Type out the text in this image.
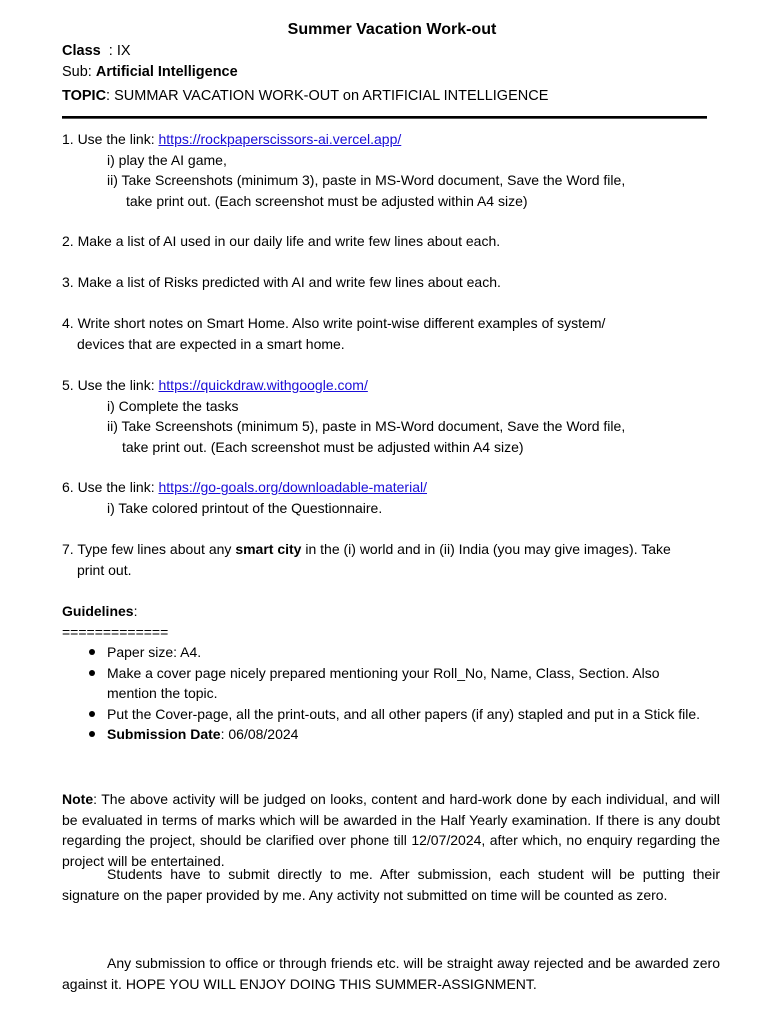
Summer Vacation Work-out
Class  : IX
Sub: Artificial Intelligence
TOPIC: SUMMAR VACATION WORK-OUT on ARTIFICIAL INTELLIGENCE
1. Use the link: https://rockpaperscissors-ai.vercel.app/
i) play the AI game,
ii) Take Screenshots (minimum 3), paste in MS-Word document, Save the Word file,
take print out. (Each screenshot must be adjusted within A4 size)
2. Make a list of AI used in our daily life and write few lines about each.
3. Make a list of Risks predicted with AI and write few lines about each.
4. Write short notes on Smart Home. Also write point-wise different examples of system/
devices that are expected in a smart home.
5. Use the link: https://quickdraw.withgoogle.com/
i) Complete the tasks
ii) Take Screenshots (minimum 5), paste in MS-Word document, Save the Word file,
take print out. (Each screenshot must be adjusted within A4 size)
6. Use the link: https://go-goals.org/downloadable-material/
i) Take colored printout of the Questionnaire.
7. Type few lines about any smart city in the (i) world and in (ii) India (you may give images). Take
print out.
Guidelines:
=============
Paper size: A4.
Make a cover page nicely prepared mentioning your Roll_No, Name, Class, Section. Also mention the topic.
Put the Cover-page, all the print-outs, and all other papers (if any) stapled and put in a Stick file.
Submission Date: 06/08/2024
Note: The above activity will be judged on looks, content and hard-work done by each individual, and will be evaluated in terms of marks which will be awarded in the Half Yearly examination. If there is any doubt regarding the project, should be clarified over phone till 12/07/2024, after which, no enquiry regarding the project will be entertained.
Students have to submit directly to me. After submission, each student will be putting their signature on the paper provided by me. Any activity not submitted on time will be counted as zero.
Any submission to office or through friends etc. will be straight away rejected and be awarded zero against it. HOPE YOU WILL ENJOY DOING THIS SUMMER-ASSIGNMENT.
